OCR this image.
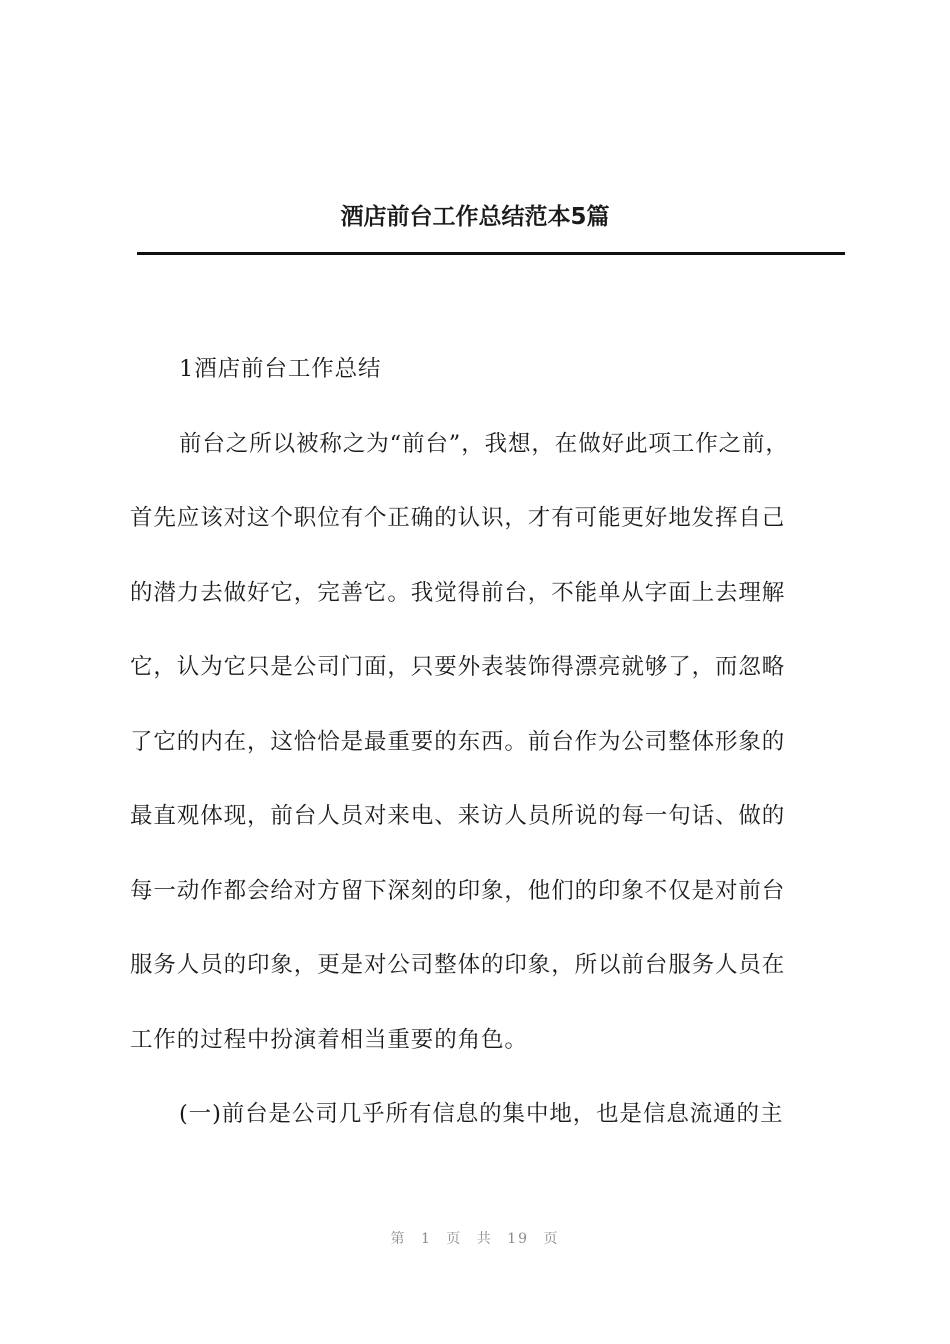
酒店前台工作总结范本5篇
1酒店前台工作总结
前台之所以被称之为“前台”，我想，在做好此项工作之前，
首先应该对这个职位有个正确的认识，才有可能更好地发挥自己
的潜力去做好它，完善它。我觉得前台，不能单从字面上去理解
它，认为它只是公司门面，只要外表装饰得漂亮就够了，而忽略
了它的内在，这恰恰是最重要的东西。前台作为公司整体形象的
最直观体现，前台人员对来电、来访人员所说的每一句话、做的
每一动作都会给对方留下深刻的印象，他们的印象不仅是对前台
服务人员的印象，更是对公司整体的印象，所以前台服务人员在
工作的过程中扮演着相当重要的角色。
(一)前台是公司几乎所有信息的集中地，也是信息流通的主
第 1 页 共 19 页
